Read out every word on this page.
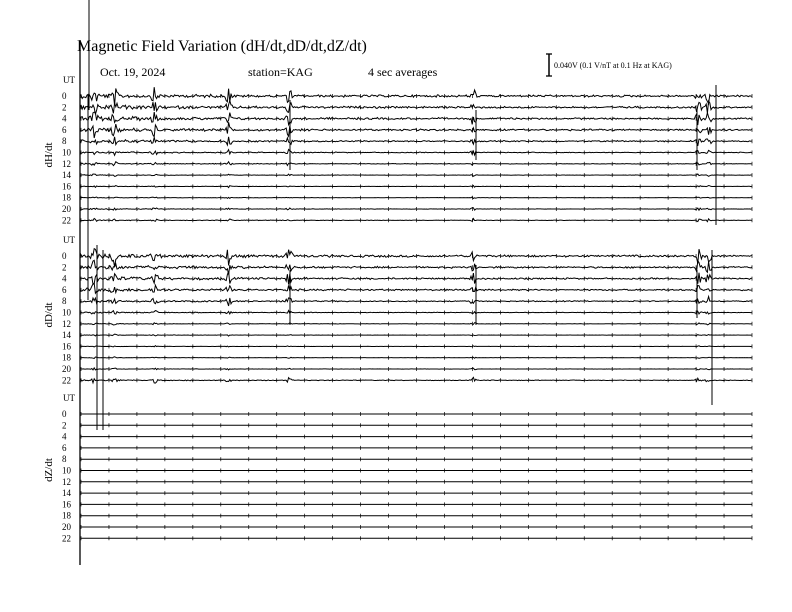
Magnetic Field Variation (dH/dt,dD/dt,dZ/dt)
Oct. 19, 2024	station=KAG	4 sec averages	0.040V (0.1 V/nT at 0.1 Hz at KAG)
UT
dH/dt
0
2
4
6
8
10
12
14
16
18
20
22
UT
dD/dt
0
2
4
6
8
10
12
14
16
18
20
22
UT
dZ/dt
0
2
4
6
8
10
12
14
16
18
20
22
